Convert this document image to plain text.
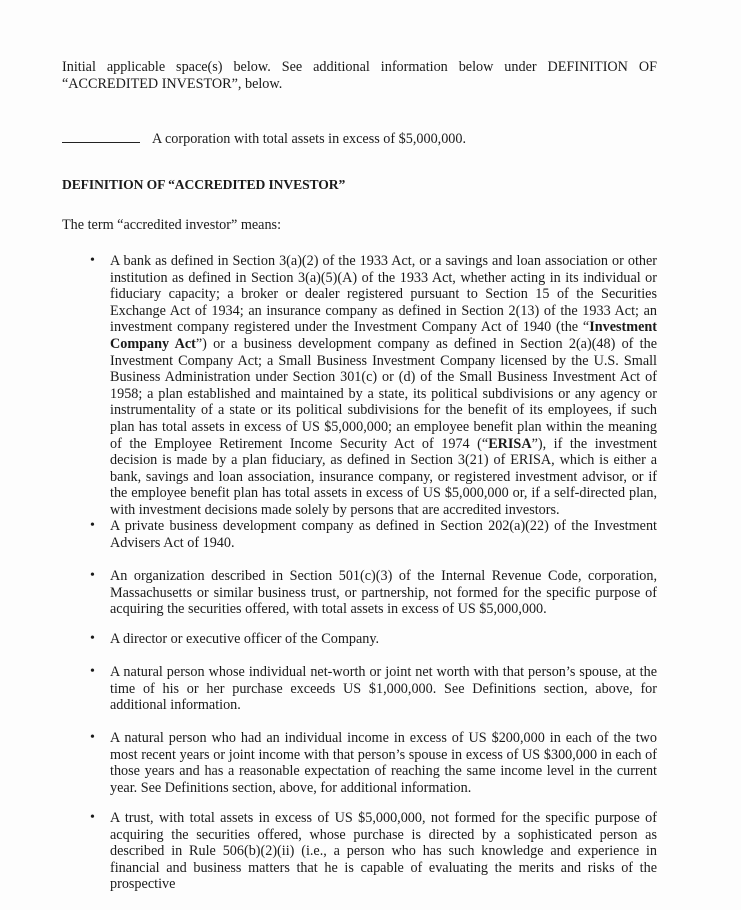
Initial applicable space(s) below. See additional information below under DEFINITION OF “ACCREDITED INVESTOR”, below.
A corporation with total assets in excess of $5,000,000.
DEFINITION OF “ACCREDITED INVESTOR”
The term “accredited investor” means:
•	A bank as defined in Section 3(a)(2) of the 1933 Act, or a savings and loan association or other institution as defined in Section 3(a)(5)(A) of the 1933 Act, whether acting in its individual or fiduciary capacity; a broker or dealer registered pursuant to Section 15 of the Securities Exchange Act of 1934; an insurance company as defined in Section 2(13) of the 1933 Act; an investment company registered under the Investment Company Act of 1940 (the “Investment Company Act”) or a business development company as defined in Section 2(a)(48) of the Investment Company Act; a Small Business Investment Company licensed by the U.S. Small Business Administration under Section 301(c) or (d) of the Small Business Investment Act of 1958; a plan established and maintained by a state, its political subdivisions or any agency or instrumentality of a state or its political subdivisions for the benefit of its employees, if such plan has total assets in excess of US $5,000,000; an employee benefit plan within the meaning of the Employee Retirement Income Security Act of 1974 (“ERISA”), if the investment decision is made by a plan fiduciary, as defined in Section 3(21) of ERISA, which is either a bank, savings and loan association, insurance company, or registered investment advisor, or if the employee benefit plan has total assets in excess of US $5,000,000 or, if a self-directed plan, with investment decisions made solely by persons that are accredited investors.
•	A private business development company as defined in Section 202(a)(22) of the Investment Advisers Act of 1940.
•	An organization described in Section 501(c)(3) of the Internal Revenue Code, corporation, Massachusetts or similar business trust, or partnership, not formed for the specific purpose of acquiring the securities offered, with total assets in excess of US $5,000,000.
•	A director or executive officer of the Company.
•	A natural person whose individual net-worth or joint net worth with that person’s spouse, at the time of his or her purchase exceeds US $1,000,000. See Definitions section, above, for additional information.
•	A natural person who had an individual income in excess of US $200,000 in each of the two most recent years or joint income with that person’s spouse in excess of US $300,000 in each of those years and has a reasonable expectation of reaching the same income level in the current year. See Definitions section, above, for additional information.
•	A trust, with total assets in excess of US $5,000,000, not formed for the specific purpose of acquiring the securities offered, whose purchase is directed by a sophisticated person as described in Rule 506(b)(2)(ii) (i.e., a person who has such knowledge and experience in financial and business matters that he is capable of evaluating the merits and risks of the prospective
